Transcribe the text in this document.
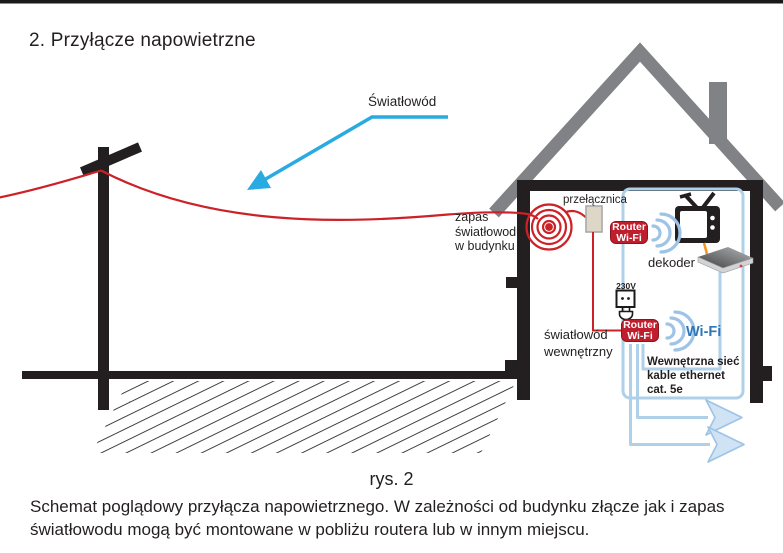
2. Przyłącze napowietrzne
Światłowód
zapas
światłowodu
w budynku
przełącznica
Router
Wi-Fi
dekoder
230V
Router
Wi-Fi
światłowód
wewnętrzny
Wi-Fi
Wewnętrzna sieć
kable ethernet
cat. 5e
rys. 2
Schemat poglądowy przyłącza napowietrznego. W zależności od budynku złącze jak i zapas
światłowodu mogą być montowane w pobliżu routera lub w innym miejscu.
